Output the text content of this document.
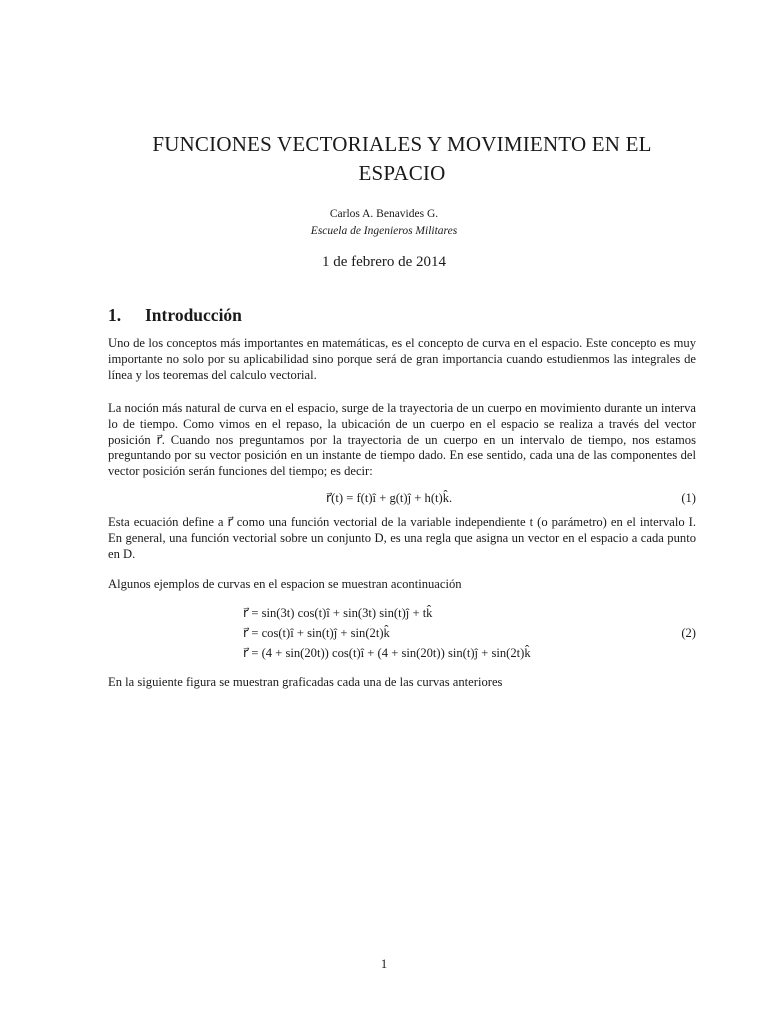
FUNCIONES VECTORIALES Y MOVIMIENTO EN EL ESPACIO
Carlos A. Benavides G.
Escuela de Ingenieros Militares
1 de febrero de 2014
1. Introducción
Uno de los conceptos más importantes en matemáticas, es el concepto de curva en el espacio. Este concepto es muy importante no solo por su aplicabilidad sino porque será de gran importancia cuando estudienmos las integrales de línea y los teoremas del calculo vectorial.
La noción más natural de curva en el espacio, surge de la trayectoria de un cuerpo en movimiento durante un interva lo de tiempo. Como vimos en el repaso, la ubicación de un cuerpo en el espacio se realiza a través del vector posición r⃗. Cuando nos preguntamos por la trayectoria de un cuerpo en un intervalo de tiempo, nos estamos preguntando por su vector posición en un instante de tiempo dado. En ese sentido, cada una de las componentes del vector posición serán funciones del tiempo; es decir:
r⃗(t) = f(t)î + g(t)ĵ + h(t)k̂.	(1)
Esta ecuación define a r⃗ como una función vectorial de la variable independiente t (o parámetro) en el intervalo I. En general, una función vectorial sobre un conjunto D, es una regla que asigna un vector en el espacio a cada punto en D.
Algunos ejemplos de curvas en el espacion se muestran acontinuación
r⃗ = sin(3t) cos(t)î + sin(3t) sin(t)ĵ + tk̂
r⃗ = cos(t)î + sin(t)ĵ + sin(2t)k̂
r⃗ = (4 + sin(20t)) cos(t)î + (4 + sin(20t)) sin(t)ĵ + sin(2t)k̂
(2)
En la siguiente figura se muestran graficadas cada una de las curvas anteriores
1
